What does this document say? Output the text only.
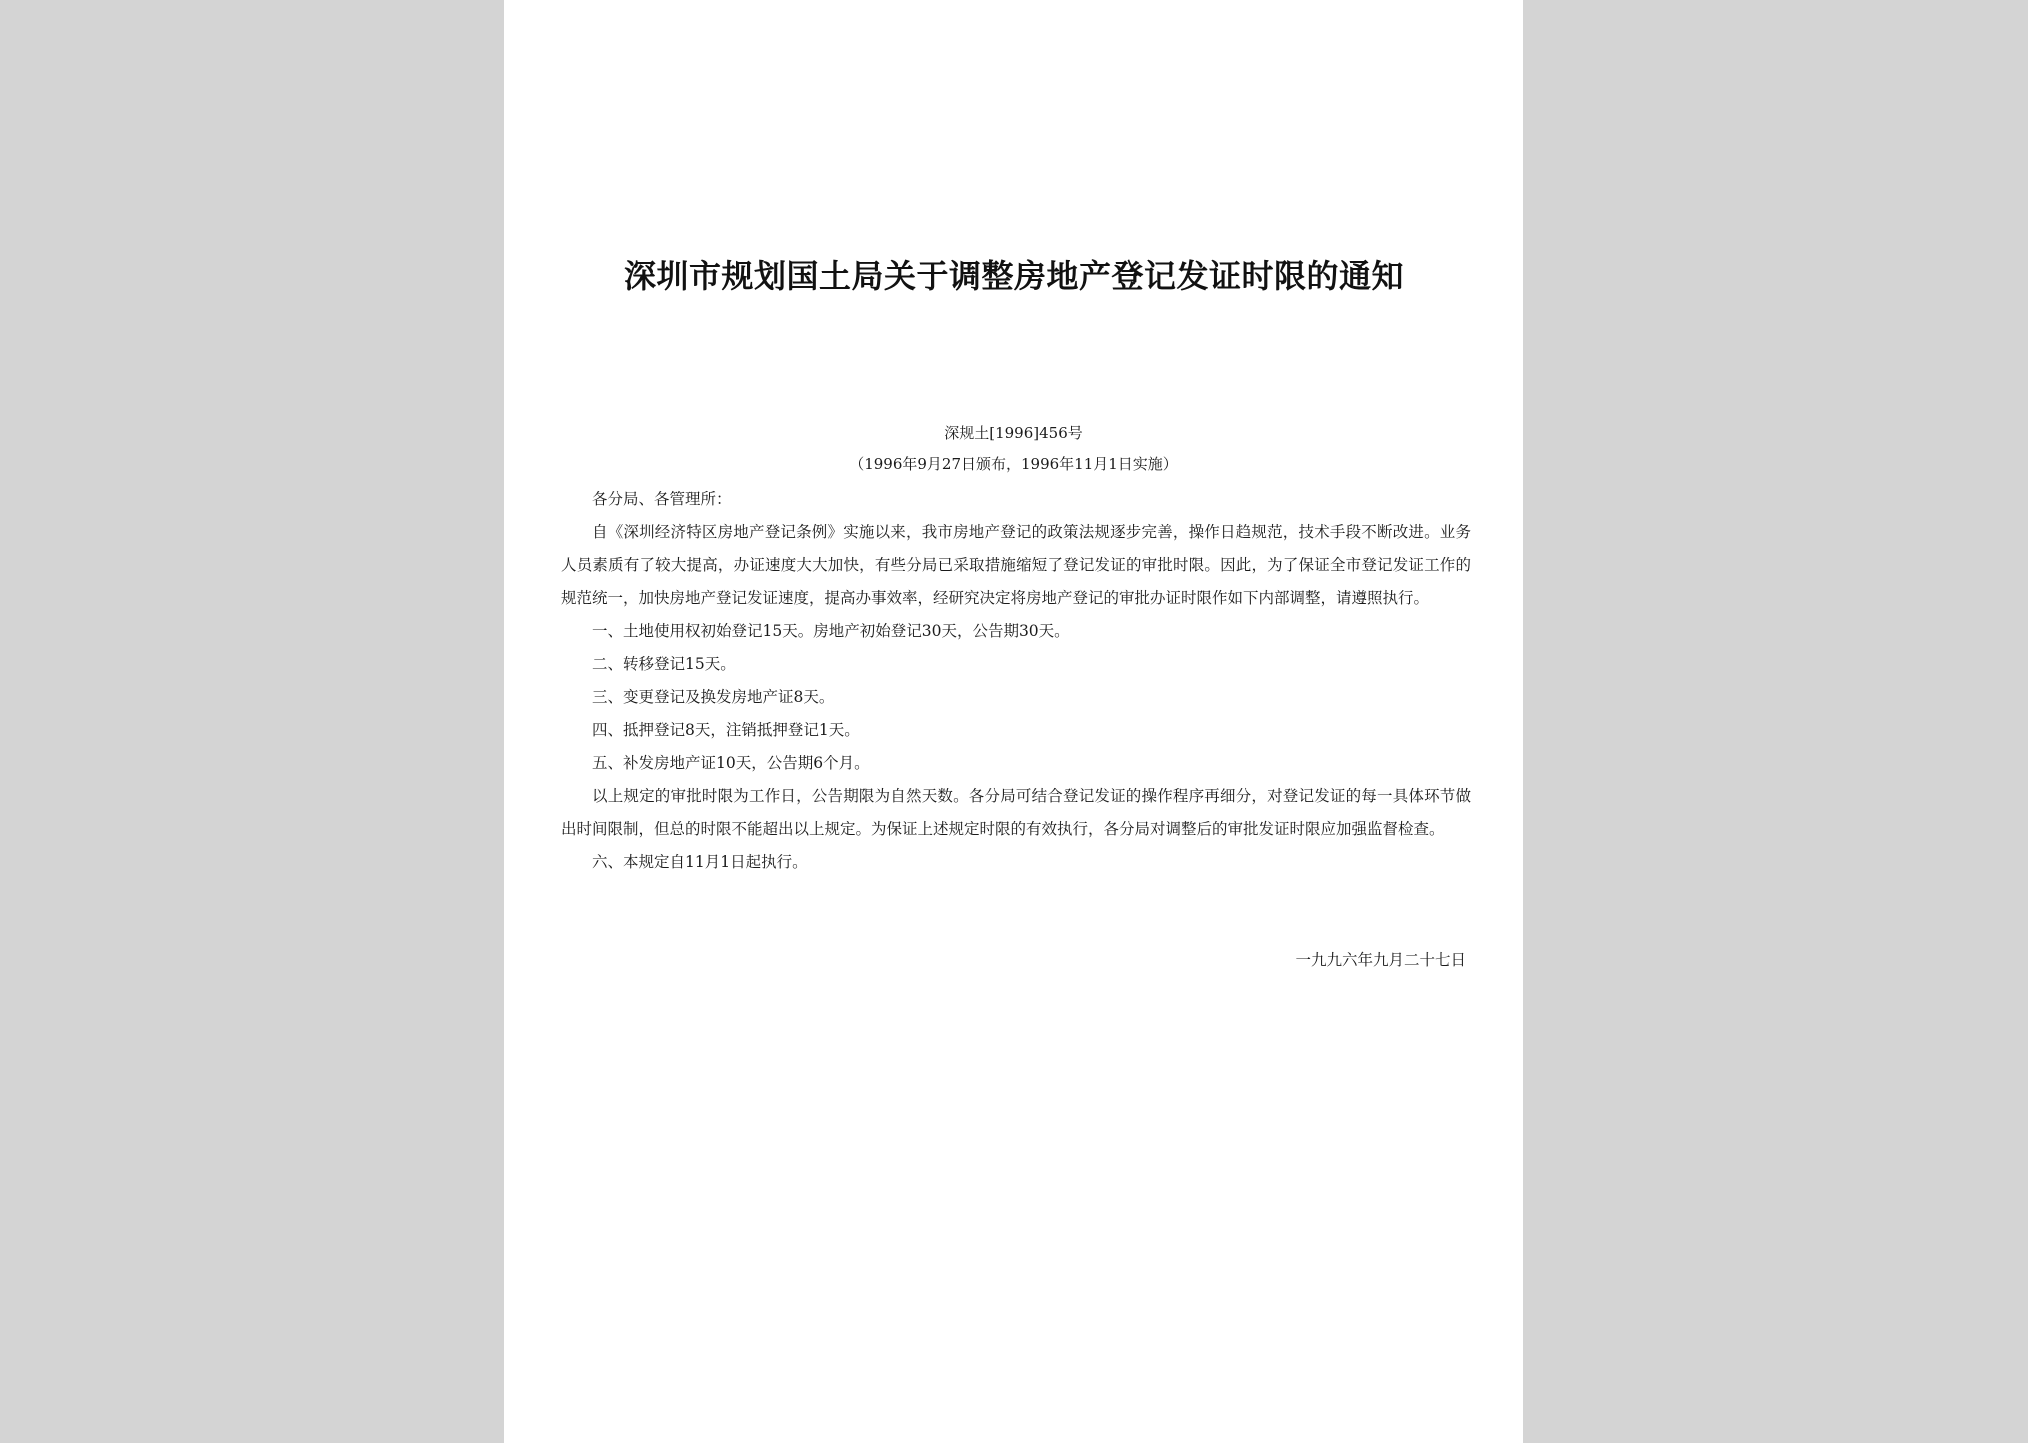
深圳市规划国土局关于调整房地产登记发证时限的通知
深规土[1996]456号
（1996年9月27日颁布，1996年11月1日实施）

各分局、各管理所：

自《深圳经济特区房地产登记条例》实施以来，我市房地产登记的政策法规逐步完善，操作日趋规范，技术手段不断改进。业务人员素质有了较大提高，办证速度大大加快，有些分局已采取措施缩短了登记发证的审批时限。因此，为了保证全市登记发证工作的规范统一，加快房地产登记发证速度，提高办事效率，经研究决定将房地产登记的审批办证时限作如下内部调整，请遵照执行。

一、土地使用权初始登记15天。房地产初始登记30天，公告期30天。

二、转移登记15天。

三、变更登记及换发房地产证8天。

四、抵押登记8天，注销抵押登记1天。

五、补发房地产证10天，公告期6个月。

以上规定的审批时限为工作日，公告期限为自然天数。各分局可结合登记发证的操作程序再细分，对登记发证的每一具体环节做出时间限制，但总的时限不能超出以上规定。为保证上述规定时限的有效执行，各分局对调整后的审批发证时限应加强监督检查。

六、本规定自11月1日起执行。

一九九六年九月二十七日
